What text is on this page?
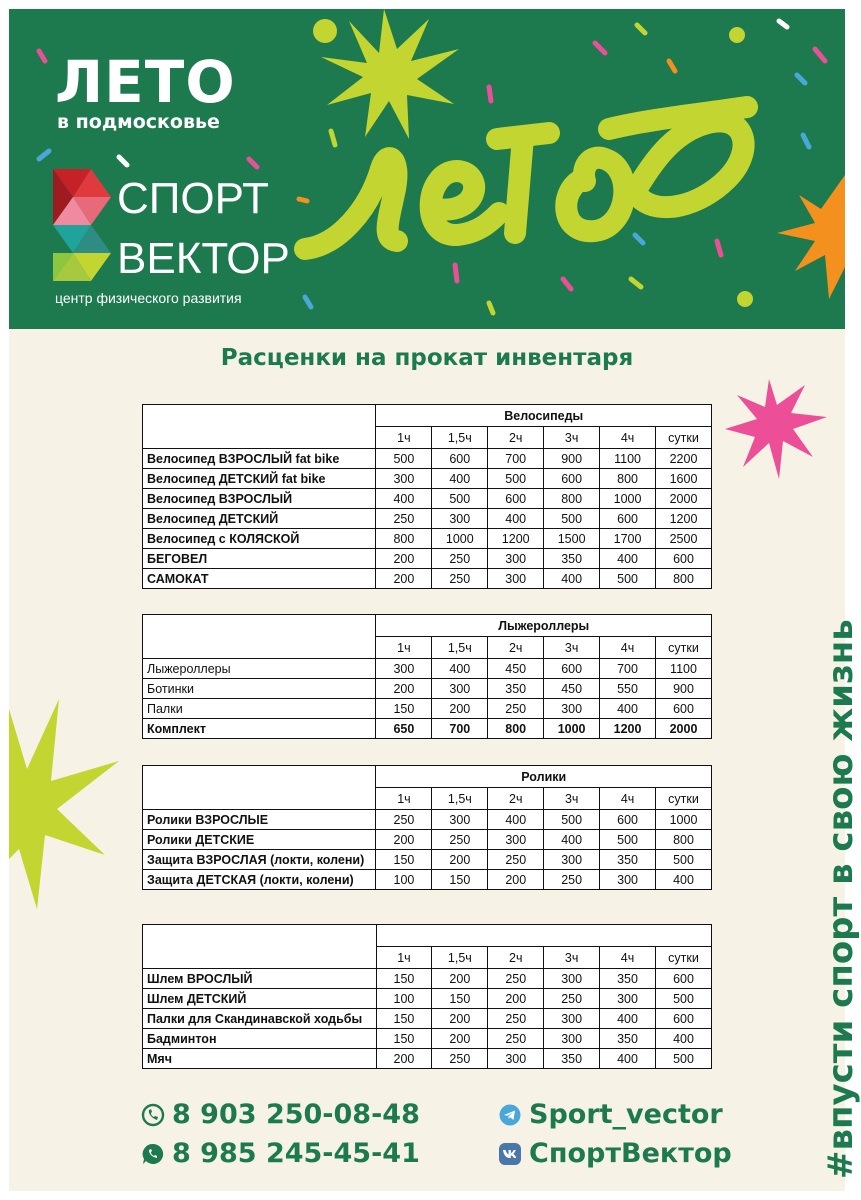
ЛЕТО
в подмосковье
СПОРТ
ВЕКТОР
центр физического развития
Расценки на прокат инвентаря
	Велосипеды					
	1ч	1,5ч	2ч	3ч	4ч	сутки
Велосипед ВЗРОСЛЫЙ fat bike	500	600	700	900	1100	2200
Велосипед ДЕТСКИЙ fat bike	300	400	500	600	800	1600
Велосипед ВЗРОСЛЫЙ	400	500	600	800	1000	2000
Велосипед ДЕТСКИЙ	250	300	400	500	600	1200
Велосипед с КОЛЯСКОЙ	800	1000	1200	1500	1700	2500
БЕГОВЕЛ	200	250	300	350	400	600
САМОКАТ	200	250	300	400	500	800
	Лыжероллеры					
	1ч	1,5ч	2ч	3ч	4ч	сутки
Лыжероллеры	300	400	450	600	700	1100
Ботинки	200	300	350	450	550	900
Палки	150	200	250	300	400	600
Комплект	650	700	800	1000	1200	2000
	Ролики					
	1ч	1,5ч	2ч	3ч	4ч	сутки
Ролики ВЗРОСЛЫЕ	250	300	400	500	600	1000
Ролики ДЕТСКИЕ	200	250	300	400	500	800
Защита ВЗРОСЛАЯ (локти, колени)	150	200	250	300	350	500
Защита ДЕТСКАЯ (локти, колени)	100	150	200	250	300	400

	1ч	1,5ч	2ч	3ч	4ч	сутки
Шлем ВРОСЛЫЙ	150	200	250	300	350	600
Шлем ДЕТСКИЙ	100	150	200	250	300	500
Палки для Скандинавской ходьбы	150	200	250	300	400	600
Бадминтон	150	200	250	300	350	400
Мяч	200	250	300	350	400	500
8 903 250-08-48
8 985 245-45-41
Sport_vector
СпортВектор	#впусти спорт в свою жизнь
